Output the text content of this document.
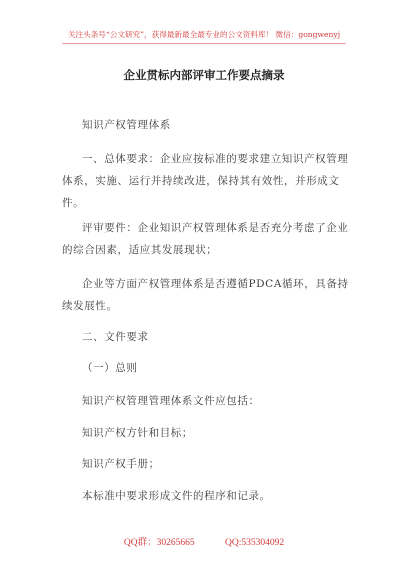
关注头条号“公文研究”，获得最新最全最专业的公文资料库！ 微信：gongwenyj
企业贯标内部评审工作要点摘录
知识产权管理体系
一、总体要求：企业应按标准的要求建立知识产权管理
体系，实施、运行并持续改进，保持其有效性，并形成文
件。
评审要件：企业知识产权管理体系是否充分考虑了企业
的综合因素，适应其发展现状；
企业等方面产权管理体系是否遵循PDCA循环，具备持
续发展性。
二、文件要求
（一）总则
知识产权管理管理体系文件应包括：
知识产权方针和目标；
知识产权手册；
本标准中要求形成文件的程序和记录。
QQ群：30265665	QQ:535304092
